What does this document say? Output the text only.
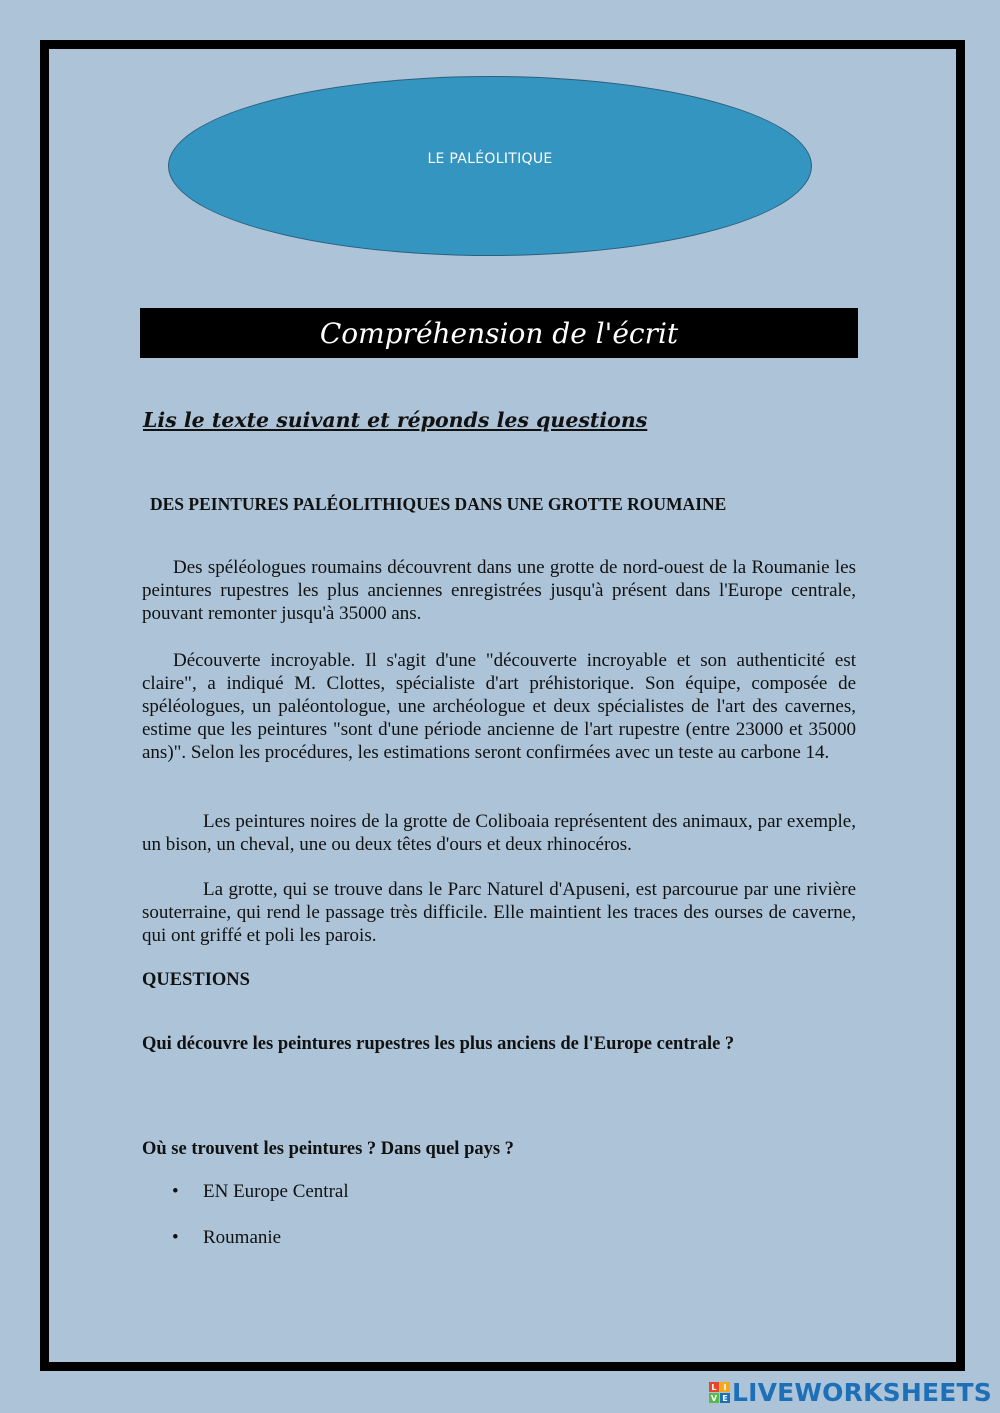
LE PALÉOLITIQUE
Compréhension de l'écrit
Lis le texte suivant et réponds les questions
DES PEINTURES PALÉOLITHIQUES DANS UNE GROTTE ROUMAINE

Des spéléologues roumains découvrent dans une grotte de nord-ouest de la Roumanie les peintures rupestres les plus anciennes enregistrées jusqu'à présent dans l'Europe centrale, pouvant remonter jusqu'à 35000 ans.

Découverte incroyable. Il s'agit d'une "découverte incroyable et son authenticité est claire", a indiqué M. Clottes, spécialiste d'art préhistorique. Son équipe, composée de spéléologues, un paléontologue, une archéologue et deux spécialistes de l'art des cavernes, estime que les peintures "sont d'une période ancienne de l'art rupestre (entre 23000 et 35000 ans)". Selon les procédures, les estimations seront confirmées avec un teste au carbone 14.

Les peintures noires de la grotte de Coliboaia représentent des animaux, par exemple, un bison, un cheval, une ou deux têtes d'ours et deux rhinocéros.

La grotte, qui se trouve dans le Parc Naturel d'Apuseni, est parcourue par une rivière souterraine, qui rend le passage très difficile. Elle maintient les traces des ourses de caverne, qui ont griffé et poli les parois.

QUESTIONS
Qui découvre les peintures rupestres les plus anciens de l'Europe centrale ?
Où se trouvent les peintures ? Dans quel pays ?
• EN Europe Central
• Roumanie
L I
V E LIVEWORKSHEETS
